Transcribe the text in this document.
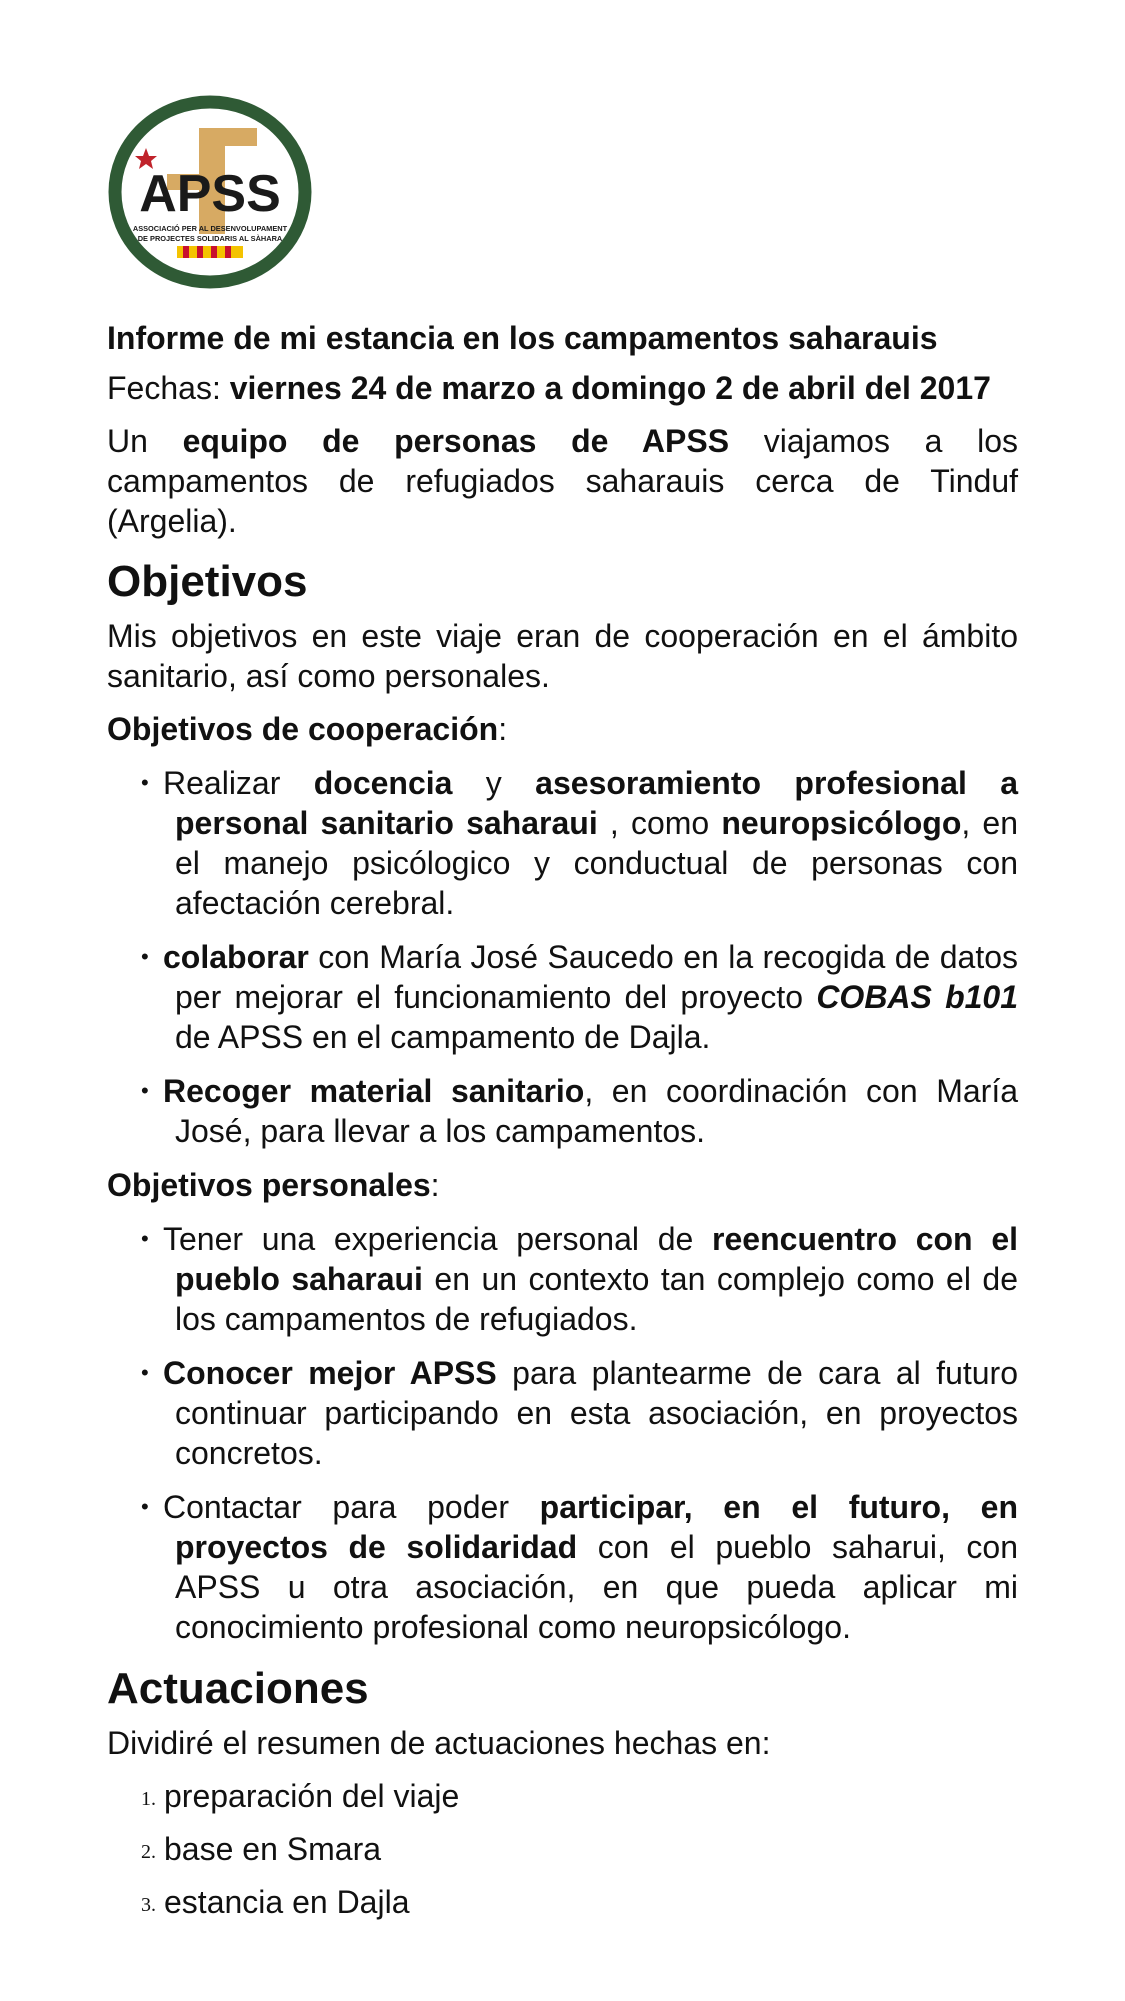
APSS
ASSOCIACIÓ PER AL DESENVOLUPAMENT
DE PROJECTES SOLIDARIS AL SÀHARA

Informe de mi estancia en los campamentos saharauis

Fechas: viernes 24 de marzo a domingo 2 de abril del 2017

Un equipo de personas de APSS viajamos a los campamentos de refugiados saharauis cerca de Tinduf (Argelia).

Objetivos

Mis objetivos en este viaje eran de cooperación en el ámbito sanitario, así como personales.

Objetivos de cooperación:

• Realizar docencia y asesoramiento profesional a personal sanitario saharaui , como neuropsicólogo, en el manejo psicólogico y conductual de personas con afectación cerebral.
• colaborar con María José Saucedo en la recogida de datos per mejorar el funcionamiento del proyecto COBAS b101 de APSS en el campamento de Dajla.
• Recoger material sanitario, en coordinación con María José, para llevar a los campamentos.

Objetivos personales:

• Tener una experiencia personal de reencuentro con el pueblo saharaui en un contexto tan complejo como el de los campamentos de refugiados.
• Conocer mejor APSS para plantearme de cara al futuro continuar participando en esta asociación, en proyectos concretos.
• Contactar para poder participar, en el futuro, en proyectos de solidaridad con el pueblo saharui, con APSS u otra asociación, en que pueda aplicar mi conocimiento profesional como neuropsicólogo.
Actuaciones

Dividiré el resumen de actuaciones hechas en:

1. preparación del viaje
2. base en Smara
3. estancia en Dajla
